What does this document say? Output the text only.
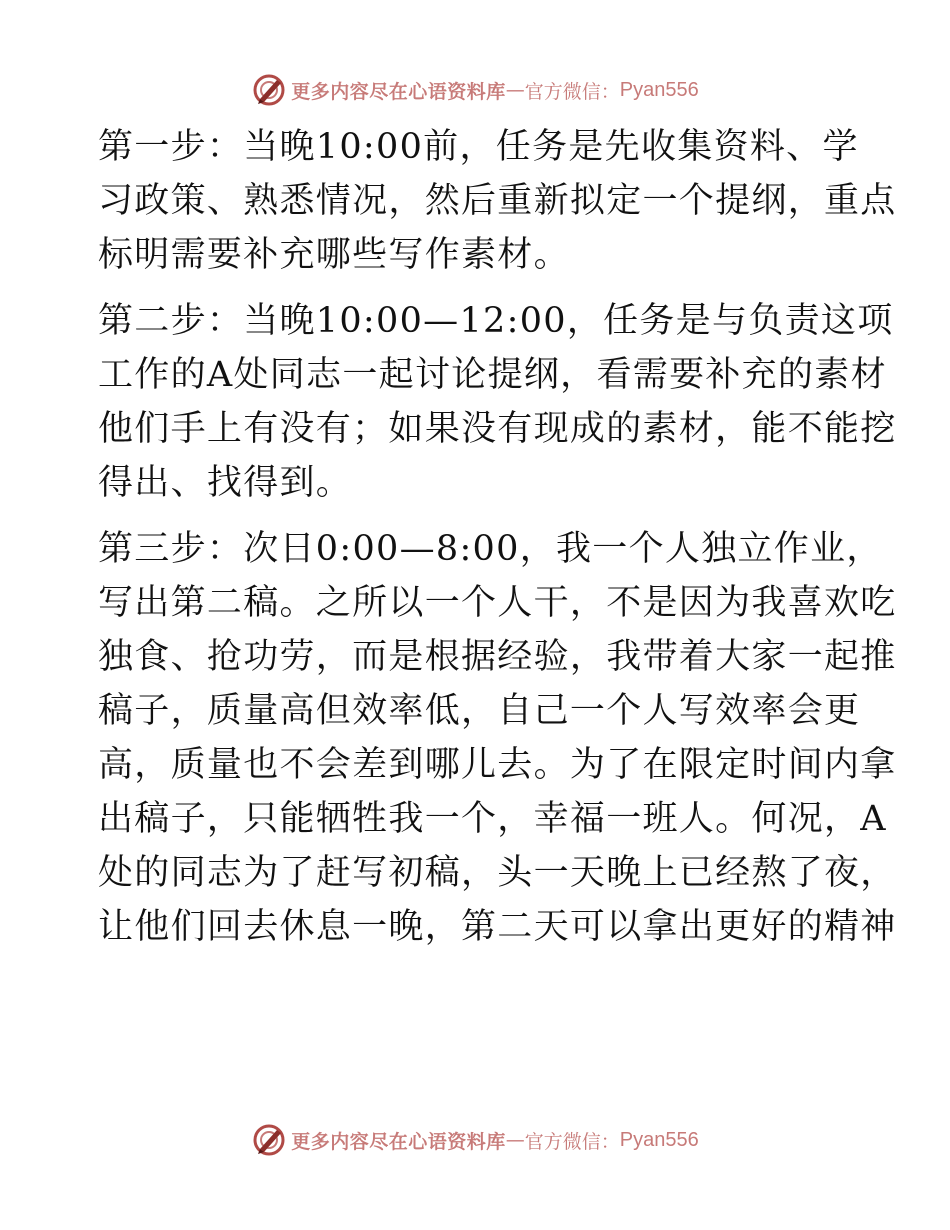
更多内容尽在心语资料库 — 官方微信： Pyan556
第一步：当晚10:00前，任务是先收集资料、学
习政策、熟悉情况，然后重新拟定一个提纲，重点
标明需要补充哪些写作素材。
第二步：当晚10:00—12:00，任务是与负责这项
工作的A处同志一起讨论提纲，看需要补充的素材
他们手上有没有；如果没有现成的素材，能不能挖
得出、找得到。
第三步：次日0:00—8:00，我一个人独立作业，
写出第二稿。之所以一个人干，不是因为我喜欢吃
独食、抢功劳，而是根据经验，我带着大家一起推
稿子，质量高但效率低，自己一个人写效率会更
高，质量也不会差到哪儿去。为了在限定时间内拿
出稿子，只能牺牲我一个，幸福一班人。何况，A
处的同志为了赶写初稿，头一天晚上已经熬了夜，
让他们回去休息一晚，第二天可以拿出更好的精神
更多内容尽在心语资料库 — 官方微信： Pyan556
